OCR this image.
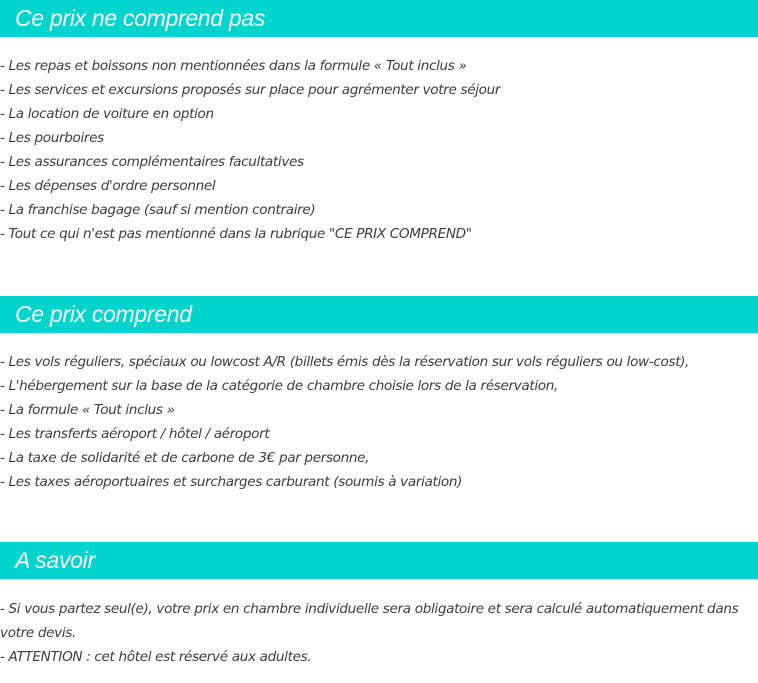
Ce prix ne comprend pas
- Les repas et boissons non mentionnées dans la formule « Tout inclus »
- Les services et excursions proposés sur place pour agrémenter votre séjour
- La location de voiture en option
- Les pourboires
- Les assurances complémentaires facultatives
- Les dépenses d'ordre personnel
- La franchise bagage (sauf si mention contraire)
- Tout ce qui n'est pas mentionné dans la rubrique "CE PRIX COMPREND"
Ce prix comprend
- Les vols réguliers, spéciaux ou lowcost A/R (billets émis dès la réservation sur vols réguliers ou low-cost),
- L'hébergement sur la base de la catégorie de chambre choisie lors de la réservation,
- La formule « Tout inclus »
- Les transferts aéroport / hôtel / aéroport
- La taxe de solidarité et de carbone de 3€ par personne,
- Les taxes aéroportuaires et surcharges carburant (soumis à variation)
A savoir
- Si vous partez seul(e), votre prix en chambre individuelle sera obligatoire et sera calculé automatiquement dans votre devis.
- ATTENTION : cet hôtel est réservé aux adultes.
